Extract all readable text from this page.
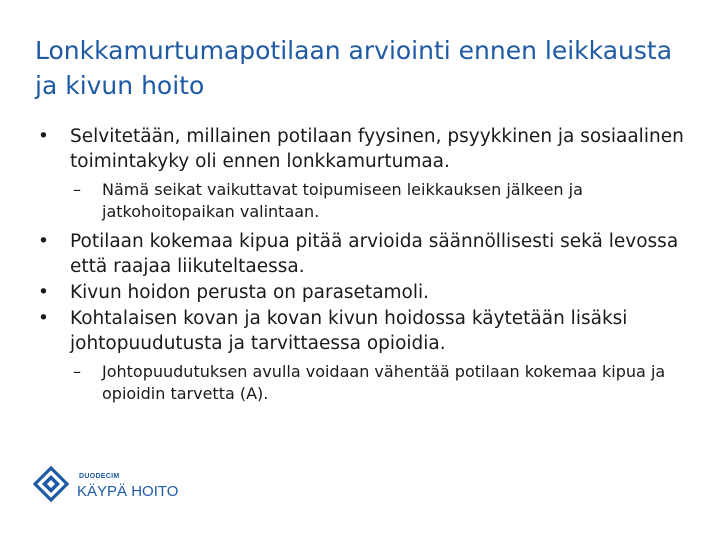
Lonkkamurtumapotilaan arviointi ennen leikkausta ja kivun hoito
• Selvitetään, millainen potilaan fyysinen, psyykkinen ja sosiaalinen toimintakyky oli ennen lonkkamurtumaa.
– Nämä seikat vaikuttavat toipumiseen leikkauksen jälkeen ja jatkohoitopaikan valintaan.
• Potilaan kokemaa kipua pitää arvioida säännöllisesti sekä levossa että raajaa liikuteltaessa.
• Kivun hoidon perusta on parasetamoli.
• Kohtalaisen kovan ja kovan kivun hoidossa käytetään lisäksi johtopuudutusta ja tarvittaessa opioidia.
– Johtopuudutuksen avulla voidaan vähentää potilaan kokemaa kipua ja opioidin tarvetta (A).
DUODECIM
KÄYPÄ HOITO
